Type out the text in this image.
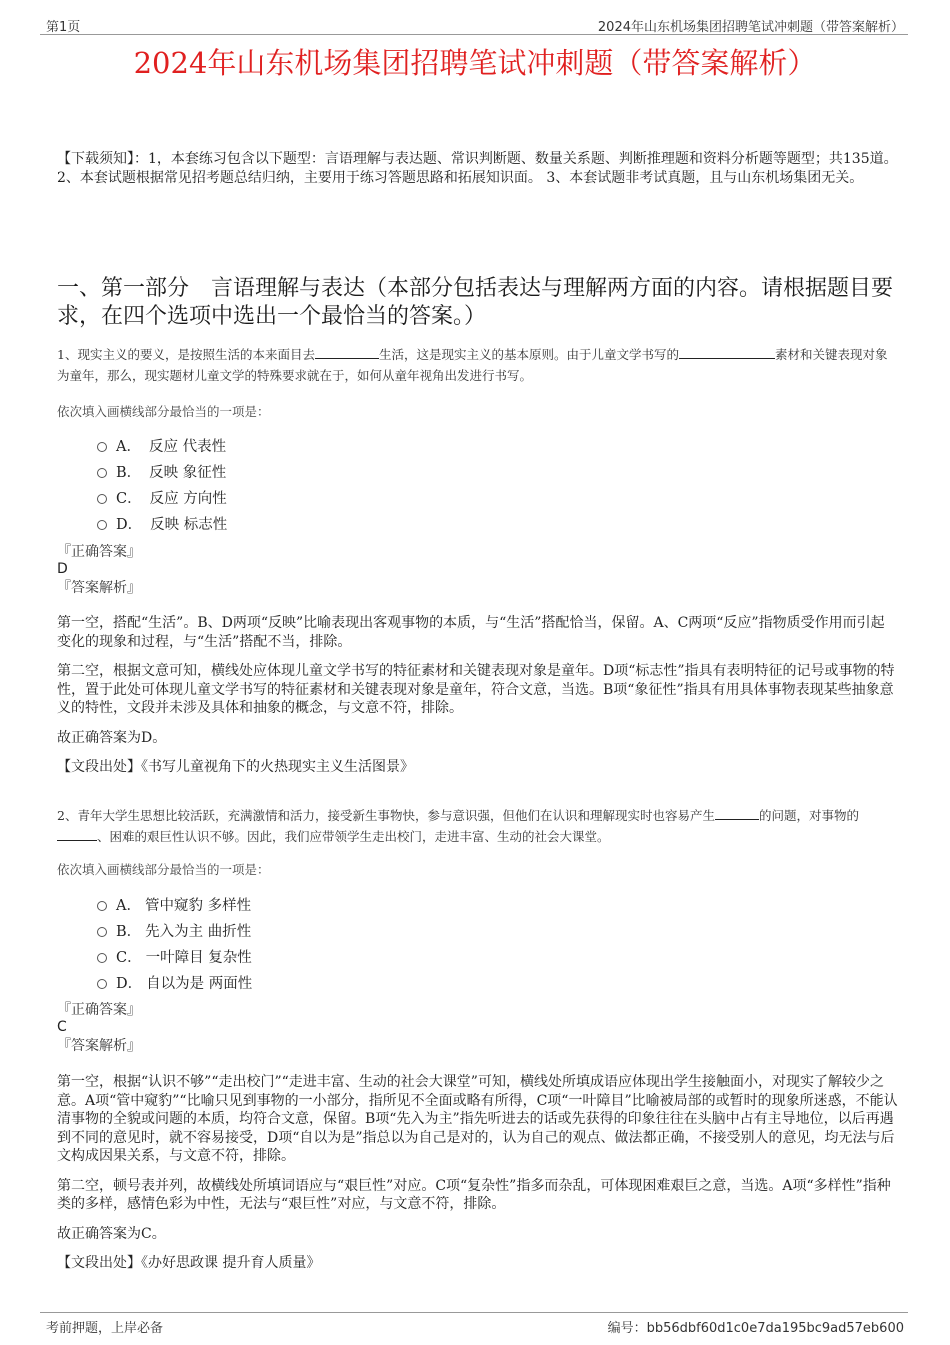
第1页	2024年山东机场集团招聘笔试冲刺题（带答案解析）
2024年山东机场集团招聘笔试冲刺题（带答案解析）
【下载须知】：1，本套练习包含以下题型：言语理解与表达题、常识判断题、数量关系题、判断推理题和资料分析题等题型；共135道。 2、本套试题根据常见招考题总结归纳，主要用于练习答题思路和拓展知识面。 3、本套试题非考试真题，且与山东机场集团无关。
一、第一部分　言语理解与表达（本部分包括表达与理解两方面的内容。请根据题目要求，在四个选项中选出一个最恰当的答案。）

1、现实主义的要义，是按照生活的本来面目去	生活，这是现实主义的基本原则。由于儿童文学书写的	素材和关键表现对象为童年，那么，现实题材儿童文学的特殊要求就在于，如何从童年视角出发进行书写。

依次填入画横线部分最恰当的一项是：

A． 反应 代表性
B． 反映 象征性
C． 反应 方向性
D． 反映 标志性

『正确答案』

D

『答案解析』

第一空，搭配“生活”。B、D两项“反映”比喻表现出客观事物的本质，与“生活”搭配恰当，保留。A、C两项“反应”指物质受作用而引起变化的现象和过程，与“生活”搭配不当，排除。

第二空，根据文意可知，横线处应体现儿童文学书写的特征素材和关键表现对象是童年。D项“标志性”指具有表明特征的记号或事物的特性，置于此处可体现儿童文学书写的特征素材和关键表现对象是童年，符合文意，当选。B项“象征性”指具有用具体事物表现某些抽象意义的特性，文段并未涉及具体和抽象的概念，与文意不符，排除。

故正确答案为D。

【文段出处】《书写儿童视角下的火热现实主义生活图景》

2、青年大学生思想比较活跃，充满激情和活力，接受新生事物快，参与意识强，但他们在认识和理解现实时也容易产生	的问题，对事物的、困难的艰巨性认识不够。因此，我们应带领学生走出校门，走进丰富、生动的社会大课堂。

依次填入画横线部分最恰当的一项是：

A． 管中窥豹 多样性
B． 先入为主 曲折性
C． 一叶障目 复杂性
D． 自以为是 两面性

『正确答案』

C

『答案解析』

第一空，根据“认识不够”“走出校门”“走进丰富、生动的社会大课堂”可知，横线处所填成语应体现出学生接触面小，对现实了解较少之意。A项“管中窥豹”“比喻只见到事物的一小部分，指所见不全面或略有所得，C项“一叶障目”比喻被局部的或暂时的现象所迷惑，不能认清事物的全貌或问题的本质，均符合文意，保留。B项“先入为主”指先听进去的话或先获得的印象往往在头脑中占有主导地位，以后再遇到不同的意见时，就不容易接受，D项“自以为是”指总以为自己是对的，认为自己的观点、做法都正确，不接受别人的意见，均无法与后文构成因果关系，与文意不符，排除。

第二空，顿号表并列，故横线处所填词语应与“艰巨性”对应。C项“复杂性”指多而杂乱，可体现困难艰巨之意，当选。A项“多样性”指种类的多样，感情色彩为中性，无法与“艰巨性”对应，与文意不符，排除。

故正确答案为C。

【文段出处】《办好思政课 提升育人质量》

考前押题，上岸必备	编号：bb56dbf60d1c0e7da195bc9ad57eb600
